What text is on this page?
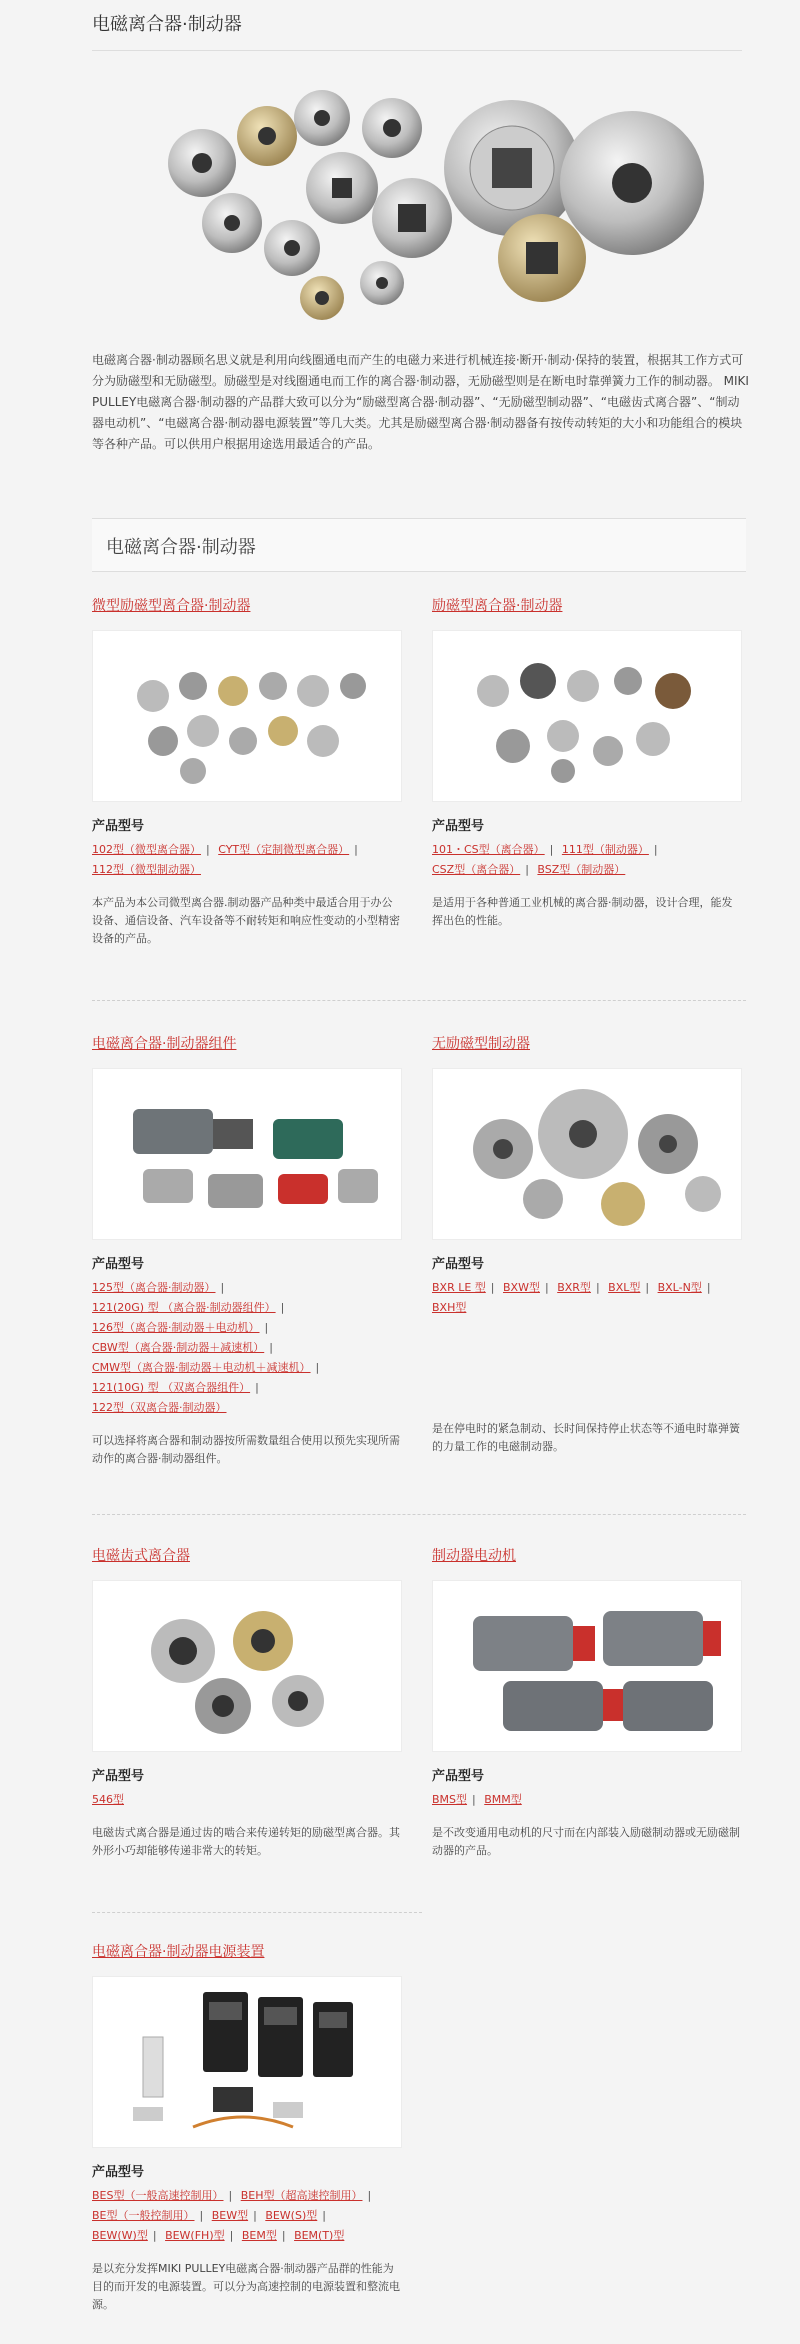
电磁离合器·制动器
电磁离合器·制动器顾名思义就是利用向线圈通电而产生的电磁力来进行机械连接·断开·制动·保持的装置，根据其工作方式可分为励磁型和无励磁型。励磁型是对线圈通电而工作的离合器·制动器，无励磁型则是在断电时靠弹簧力工作的制动器。 MIKI PULLEY电磁离合器·制动器的产品群大致可以分为“励磁型离合器·制动器”、“无励磁型制动器”、“电磁齿式离合器”、“制动器电动机”、“电磁离合器·制动器电源装置”等几大类。尤其是励磁型离合器·制动器备有按传动转矩的大小和功能组合的模块等各种产品。可以供用户根据用途选用最适合的产品。
电磁离合器·制动器
微型励磁型离合器·制动器
产品型号
102型（微型离合器） | CYT型（定制微型离合器） |
112型（微型制动器）
本产品为本公司微型离合器.制动器产品种类中最适合用于办公设备、通信设备、汽车设备等不耐转矩和响应性变动的小型精密设备的产品。
励磁型离合器·制动器
产品型号
101・CS型（离合器） | 111型（制动器） |
CSZ型（离合器） | BSZ型（制动器）
是适用于各种普通工业机械的离合器·制动器，设计合理，能发挥出色的性能。
电磁离合器·制动器组件
产品型号
125型（离合器·制动器） |
121(20G) 型 （离合器·制动器组件） |
126型（离合器·制动器＋电动机） |
CBW型（离合器·制动器＋减速机） |
CMW型（离合器·制动器＋电动机＋减速机） |
121(10G) 型 （双离合器组件） |
122型（双离合器·制动器）
可以选择将离合器和制动器按所需数量组合使用以预先实现所需动作的离合器·制动器组件。
无励磁型制动器
产品型号
BXR LE 型 | BXW型 | BXR型 | BXL型 | BXL-N型 |
BXH型
是在停电时的紧急制动、长时间保持停止状态等不通电时靠弹簧的力量工作的电磁制动器。
电磁齿式离合器
产品型号
546型
电磁齿式离合器是通过齿的啮合来传递转矩的励磁型离合器。其外形小巧却能够传递非常大的转矩。
制动器电动机
产品型号
BMS型 | BMM型
是不改变通用电动机的尺寸而在内部装入励磁制动器或无励磁制动器的产品。
电磁离合器·制动器电源装置
产品型号
BES型（一般高速控制用） | BEH型（超高速控制用） |
BE型（一般控制用） | BEW型 | BEW(S)型 |
BEW(W)型 | BEW(FH)型 | BEM型 | BEM(T)型
是以充分发挥MIKI PULLEY电磁离合器·制动器产品群的性能为目的而开发的电源装置。可以分为高速控制的电源装置和整流电源。
